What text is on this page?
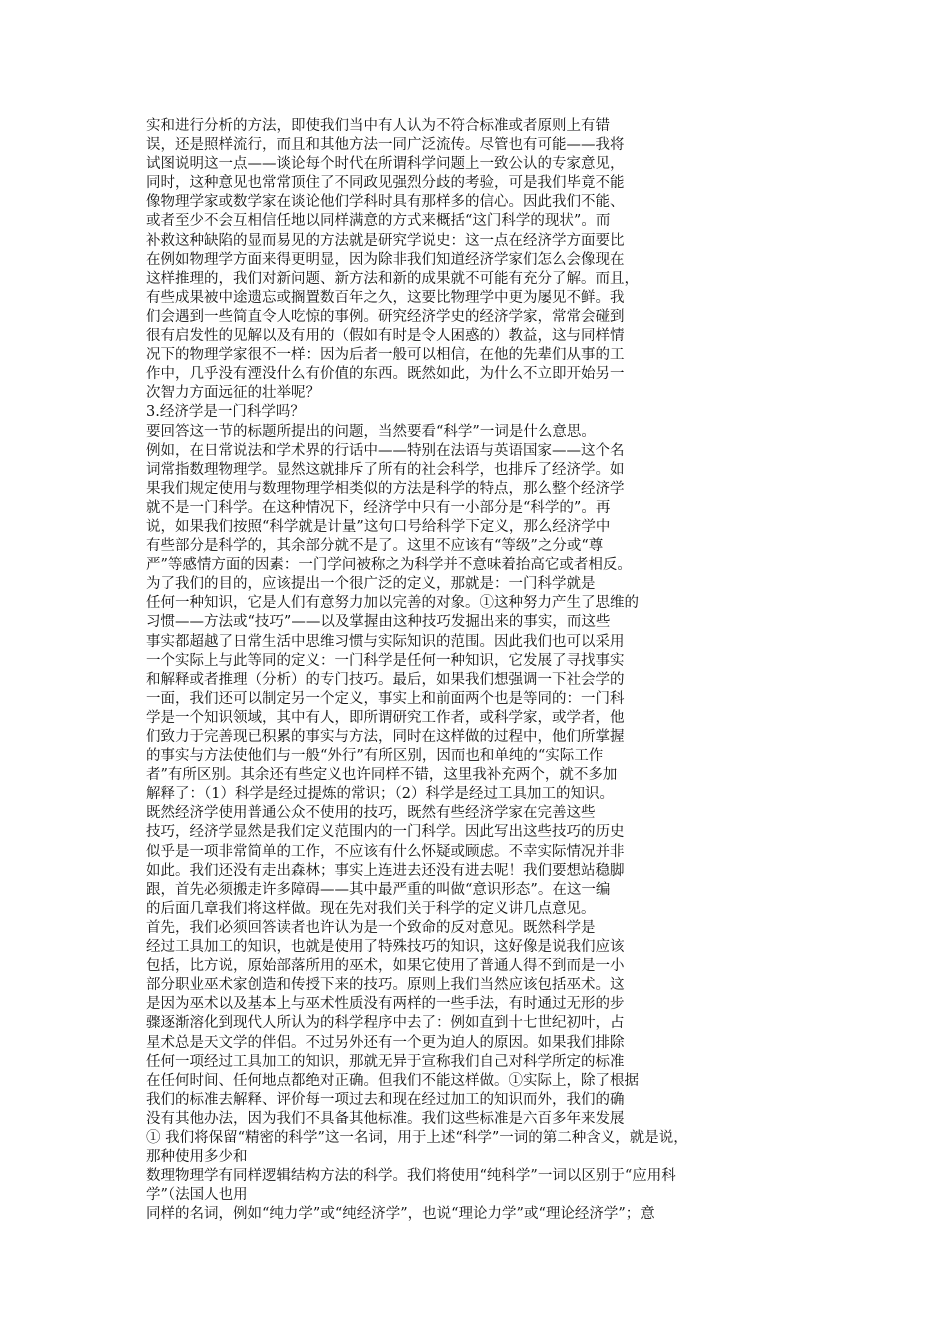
实和进行分析的方法，即使我们当中有人认为不符合标准或者原则上有错
误，还是照样流行，而且和其他方法一同广泛流传。尽管也有可能——我将
试图说明这一点——谈论每个时代在所谓科学问题上一致公认的专家意见，
同时，这种意见也常常顶住了不同政见强烈分歧的考验，可是我们毕竟不能
像物理学家或数学家在谈论他们学科时具有那样多的信心。因此我们不能、
或者至少不会互相信任地以同样满意的方式来概括“这门科学的现状”。而
补救这种缺陷的显而易见的方法就是研究学说史：这一点在经济学方面要比
在例如物理学方面来得更明显，因为除非我们知道经济学家们怎么会像现在
这样推理的，我们对新问题、新方法和新的成果就不可能有充分了解。而且，
有些成果被中途遗忘或搁置数百年之久，这要比物理学中更为屡见不鲜。我
们会遇到一些简直令人吃惊的事例。研究经济学史的经济学家，常常会碰到
很有启发性的见解以及有用的（假如有时是令人困惑的）教益，这与同样情
况下的物理学家很不一样：因为后者一般可以相信，在他的先辈们从事的工
作中，几乎没有湮没什么有价值的东西。既然如此，为什么不立即开始另一
次智力方面远征的壮举呢？
3.经济学是一门科学吗？
要回答这一节的标题所提出的问题，当然要看“科学”一词是什么意思。
例如，在日常说法和学术界的行话中——特别在法语与英语国家——这个名
词常指数理物理学。显然这就排斥了所有的社会科学，也排斥了经济学。如
果我们规定使用与数理物理学相类似的方法是科学的特点，那么整个经济学
就不是一门科学。在这种情况下，经济学中只有一小部分是“科学的”。再
说，如果我们按照“科学就是计量”这句口号给科学下定义，那么经济学中
有些部分是科学的，其余部分就不是了。这里不应该有“等级”之分或“尊
严”等感情方面的因素：一门学问被称之为科学并不意味着抬高它或者相反。
为了我们的目的，应该提出一个很广泛的定义，那就是：一门科学就是
任何一种知识，它是人们有意努力加以完善的对象。①这种努力产生了思维的
习惯——方法或“技巧”——以及掌握由这种技巧发掘出来的事实，而这些
事实都超越了日常生活中思维习惯与实际知识的范围。因此我们也可以采用
一个实际上与此等同的定义：一门科学是任何一种知识，它发展了寻找事实
和解释或者推理（分析）的专门技巧。最后，如果我们想强调一下社会学的
一面，我们还可以制定另一个定义，事实上和前面两个也是等同的：一门科
学是一个知识领域，其中有人，即所谓研究工作者，或科学家，或学者，他
们致力于完善现已积累的事实与方法，同时在这样做的过程中，他们所掌握
的事实与方法使他们与一般“外行”有所区别，因而也和单纯的“实际工作
者”有所区别。其余还有些定义也许同样不错，这里我补充两个，就不多加
解释了：（1）科学是经过提炼的常识；（2）科学是经过工具加工的知识。
既然经济学使用普通公众不使用的技巧，既然有些经济学家在完善这些
技巧，经济学显然是我们定义范围内的一门科学。因此写出这些技巧的历史
似乎是一项非常简单的工作，不应该有什么怀疑或顾虑。不幸实际情况并非
如此。我们还没有走出森林；事实上连进去还没有进去呢！我们要想站稳脚
跟，首先必须搬走许多障碍——其中最严重的叫做“意识形态”。在这一编
的后面几章我们将这样做。现在先对我们关于科学的定义讲几点意见。
首先，我们必须回答读者也许认为是一个致命的反对意见。既然科学是
经过工具加工的知识，也就是使用了特殊技巧的知识，这好像是说我们应该
包括，比方说，原始部落所用的巫术，如果它使用了普通人得不到而是一小
部分职业巫术家创造和传授下来的技巧。原则上我们当然应该包括巫术。这
是因为巫术以及基本上与巫术性质没有两样的一些手法，有时通过无形的步
骤逐渐溶化到现代人所认为的科学程序中去了：例如直到十七世纪初叶，占
星术总是天文学的伴侣。不过另外还有一个更为迫人的原因。如果我们排除
任何一项经过工具加工的知识，那就无异于宣称我们自己对科学所定的标准
在任何时间、任何地点都绝对正确。但我们不能这样做。①实际上，除了根据
我们的标准去解释、评价每一项过去和现在经过加工的知识而外，我们的确
没有其他办法，因为我们不具备其他标准。我们这些标准是六百多年来发展
① 我们将保留“精密的科学”这一名词，用于上述“科学”一词的第二种含义，就是说，
那种使用多少和
数理物理学有同样逻辑结构方法的科学。我们将使用“纯科学”一词以区别于“应用科
学”（法国人也用
同样的名词，例如“纯力学”或“纯经济学”，也说“理论力学”或“理论经济学”；意
